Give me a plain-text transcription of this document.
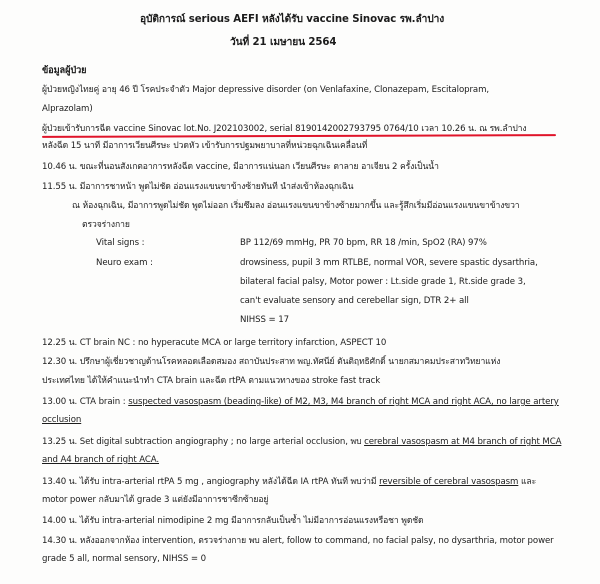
อุบัติการณ์ serious AEFI หลังได้รับ vaccine Sinovac รพ.ลำปาง
วันที่ 21 เมษายน 2564
ข้อมูลผู้ป่วย
ผู้ป่วยหญิงไทยคู่ อายุ 46 ปี โรคประจำตัว Major depressive disorder (on Venlafaxine, Clonazepam, Escitalopram,
Alprazolam)
ผู้ป่วยเข้ารับการฉีด vaccine Sinovac lot.No. J202103002, serial 8190142002793795 0764/10 เวลา 10.26 น. ณ รพ.ลำปาง
หลังฉีด 15 นาที มีอาการเวียนศีรษะ ปวดหัว เข้ารับการปฐมพยาบาลที่หน่วยฉุกเฉินเคลื่อนที่
10.46 น. ขณะที่นอนสังเกตอาการหลังฉีด vaccine, มีอาการแน่นอก เวียนศีรษะ ตาลาย อาเจียน 2 ครั้งเป็นน้ำ
11.55 น. มีอาการชาหน้า พูดไม่ชัด อ่อนแรงแขนขาข้างซ้ายทันที นำส่งเข้าห้องฉุกเฉิน
ณ ห้องฉุกเฉิน, มีอาการพูดไม่ชัด พูดไม่ออก เริ่มซึมลง อ่อนแรงแขนขาข้างซ้ายมากขึ้น และรู้สึกเริ่มมีอ่อนแรงแขนขาข้างขวา
ตรวจร่างกาย
Vital signs :	BP 112/69 mmHg, PR 70 bpm, RR 18 /min, SpO2 (RA) 97%
Neuro exam :	drowsiness, pupil 3 mm RTLBE, normal VOR, severe spastic dysarthria,
bilateral facial palsy, Motor power : Lt.side grade 1, Rt.side grade 3,
can't evaluate sensory and cerebellar sign, DTR 2+ all
NIHSS = 17
12.25 น. CT brain NC : no hyperacute MCA or large territory infarction, ASPECT 10
12.30 น. ปรึกษาผู้เชี่ยวชาญด้านโรคหลอดเลือดสมอง สถาบันประสาท พญ.ทัศนีย์ ตันติฤทธิศักดิ์ นายกสมาคมประสาทวิทยาแห่ง
ประเทศไทย ได้ให้คำแนะนำทำ CTA brain และฉีด rtPA ตามแนวทางของ stroke fast track
13.00 น. CTA brain : suspected vasospasm (beading-like) of M2, M3, M4 branch of right MCA and right ACA, no large artery
occlusion
13.25 น. Set digital subtraction angiography ; no large arterial occlusion, พบ cerebral vasospasm at M4 branch of right MCA
and A4 branch of right ACA.
13.40 น. ได้รับ intra-arterial rtPA 5 mg , angiography หลังได้ฉีด IA rtPA ทันที พบว่ามี reversible of cerebral vasospasm และ
motor power กลับมาได้ grade 3 แต่ยังมีอาการชาซีกซ้ายอยู่
14.00 น. ได้รับ intra-arterial nimodipine 2 mg มีอาการกลับเป็นซ้ำ ไม่มีอาการอ่อนแรงหรือชา พูดชัด
14.30 น. หลังออกจากห้อง intervention, ตรวจร่างกาย พบ alert, follow to command, no facial palsy, no dysarthria, motor power
grade 5 all, normal sensory, NIHSS = 0
